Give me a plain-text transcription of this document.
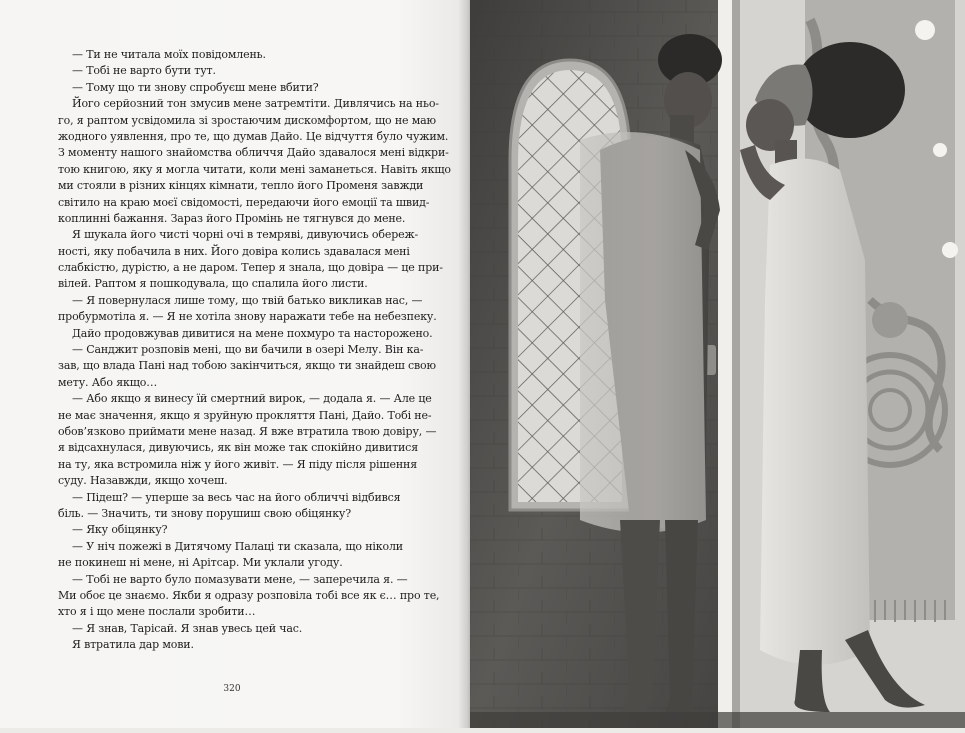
— Ти не читала моїх повідомлень.
— Тобі не варто бути тут.
— Тому що ти знову спробуєш мене вбити?
Його серйозний тон змусив мене затремтіти. Дивлячись на ньо-
го, я раптом усвідомила зі зростаючим дискомфортом, що не маю
жодного уявлення, про те, що думав Дайо. Це відчуття було чужим.
З моменту нашого знайомства обличчя Дайо здавалося мені відкри-
тою книгою, яку я могла читати, коли мені заманеться. Навіть якщо
ми стояли в різних кінцях кімнати, тепло його Променя завжди
світило на краю моєї свідомості, передаючи його емоції та швид-
коплинні бажання. Зараз його Промінь не тягнувся до мене.
Я шукала його чисті чорні очі в темряві, дивуючись обереж-
ності, яку побачила в них. Його довіра колись здавалася мені
слабкістю, дурістю, а не даром. Тепер я знала, що довіра — це при-
вілей. Раптом я пошкодувала, що спалила його листи.
— Я повернулася лише тому, що твій батько викликав нас, —
пробурмотіла я. — Я не хотіла знову наражати тебе на небезпеку.
Дайо продовжував дивитися на мене похмуро та насторожено.
— Санджит розповів мені, що ви бачили в озері Мелу. Він ка-
зав, що влада Пані над тобою закінчиться, якщо ти знайдеш свою
мету. Або якщо…
— Або якщо я винесу їй смертний вирок, — додала я. — Але це
не має значення, якщо я зруйную прокляття Пані, Дайо. Тобі не-
обов’язково приймати мене назад. Я вже втратила твою довіру, —
я відсахнулася, дивуючись, як він може так спокійно дивитися
на ту, яка встромила ніж у його живіт. — Я піду після рішення
суду. Назавжди, якщо хочеш.
— Підеш? — уперше за весь час на його обличчі відбився
біль. — Значить, ти знову порушиш свою обіцянку?
— Яку обіцянку?
— У ніч пожежі в Дитячому Палаці ти сказала, що ніколи
не покинеш ні мене, ні Арітсар. Ми уклали угоду.
— Тобі не варто було помазувати мене, — заперечила я. —
Ми обоє це знаємо. Якби я одразу розповіла тобі все як є… про те,
хто я і що мене послали зробити…
— Я знав, Тарісай. Я знав увесь цей час.
Я втратила дар мови.
320
